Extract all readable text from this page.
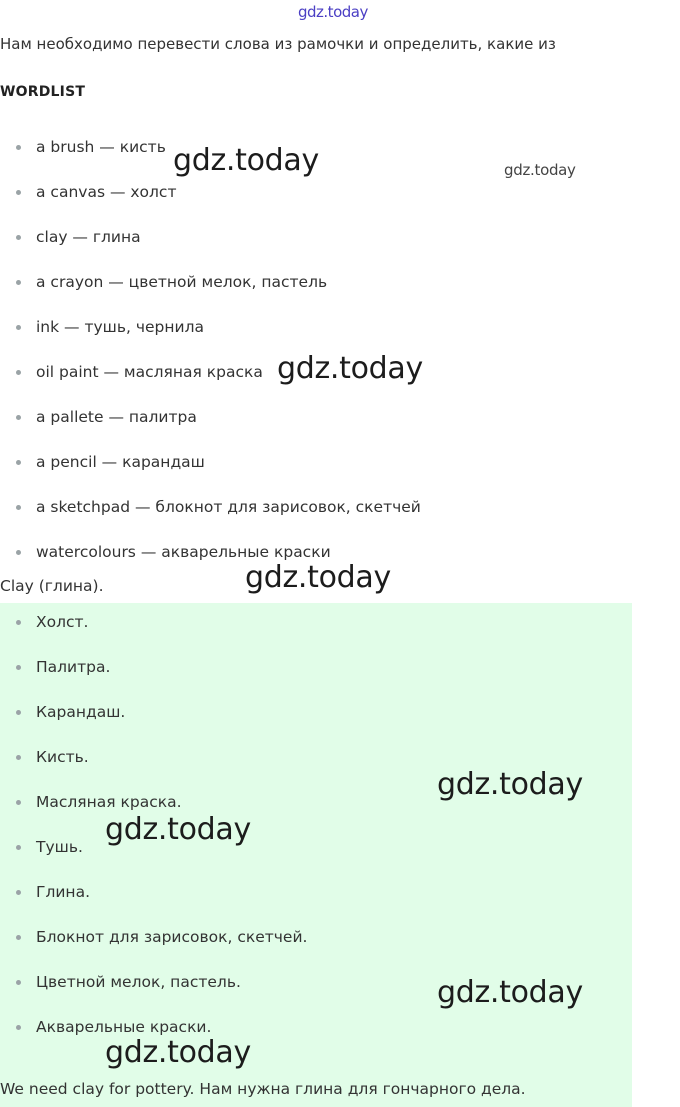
gdz.today
Нам необходимо перевести слова из рамочки и определить, какие из
WORDLIST
a brush — кисть
a canvas — холст
clay — глина
a crayon — цветной мелок, пастель
ink — тушь, чернила
oil paint — масляная краска
a pallete — палитра
a pencil — карандаш
a sketchpad — блокнот для зарисовок, скетчей
watercolours — акварельные краски
Clay (глина).
Холст.
Палитра.
Карандаш.
Кисть.
Масляная краска.
Тушь.
Глина.
Блокнот для зарисовок, скетчей.
Цветной мелок, пастель.
Акварельные краски.
We need clay for pottery. Нам нужна глина для гончарного дела.
gdz.today	gdz.today
gdz.today
gdz.today
gdz.today
gdz.today
gdz.today
gdz.today
